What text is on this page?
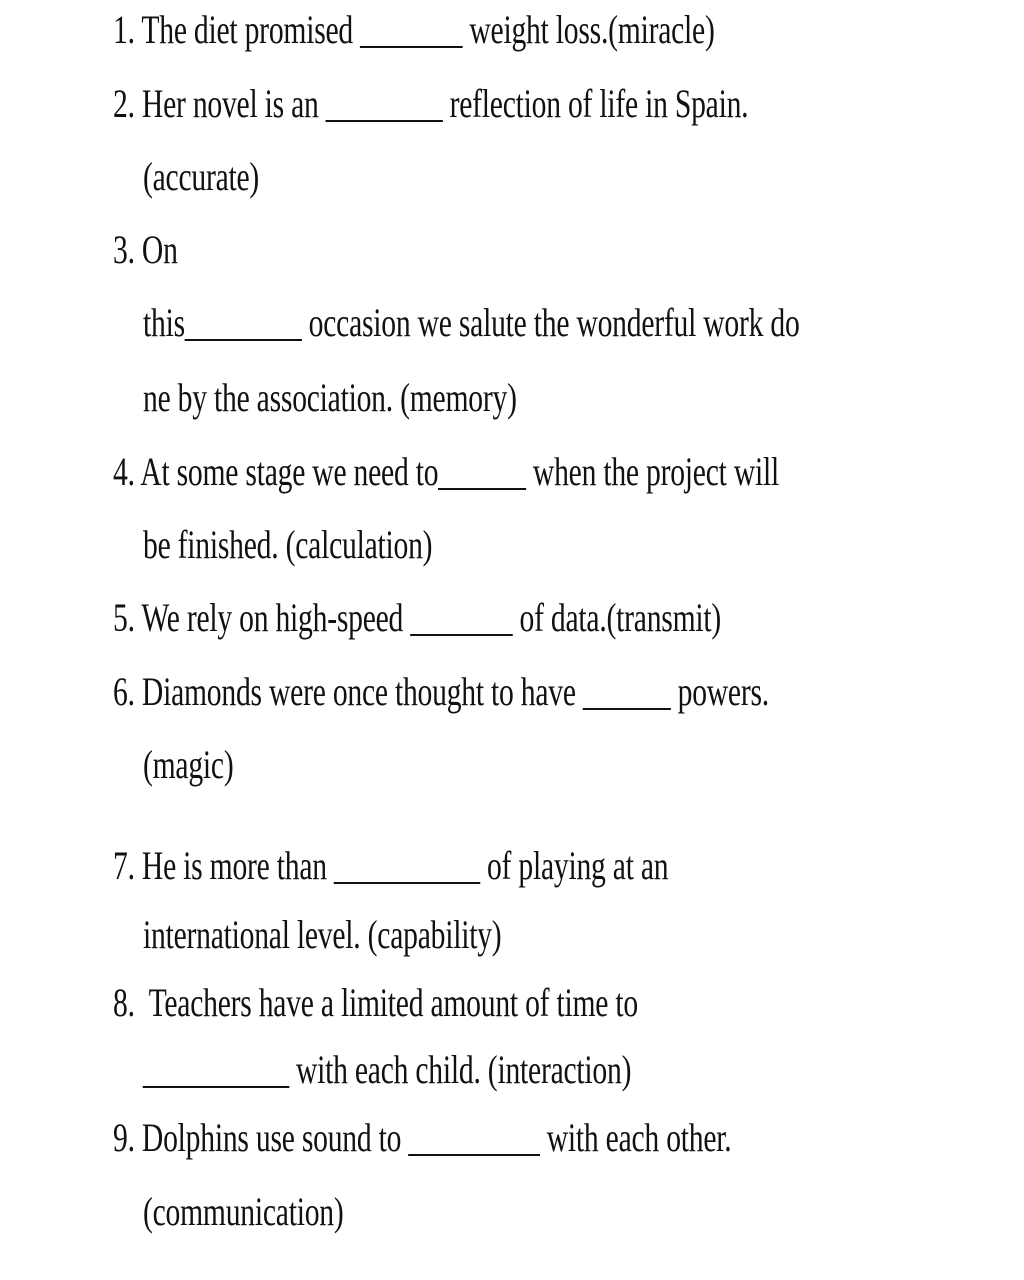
1. The diet promised _______ weight loss.(miracle)
2. Her novel is an ________ reflection of life in Spain.
(accurate)
3. On
this________ occasion we salute the wonderful work do
ne by the association. (memory)
4. At some stage we need to______ when the project will
be finished. (calculation)
5. We rely on high-speed _______ of data.(transmit)
6. Diamonds were once thought to have ______ powers.
(magic)
7. He is more than __________ of playing at an
international level. (capability)
8.  Teachers have a limited amount of time to
__________ with each child. (interaction)
9. Dolphins use sound to _________ with each other.
(communication)
